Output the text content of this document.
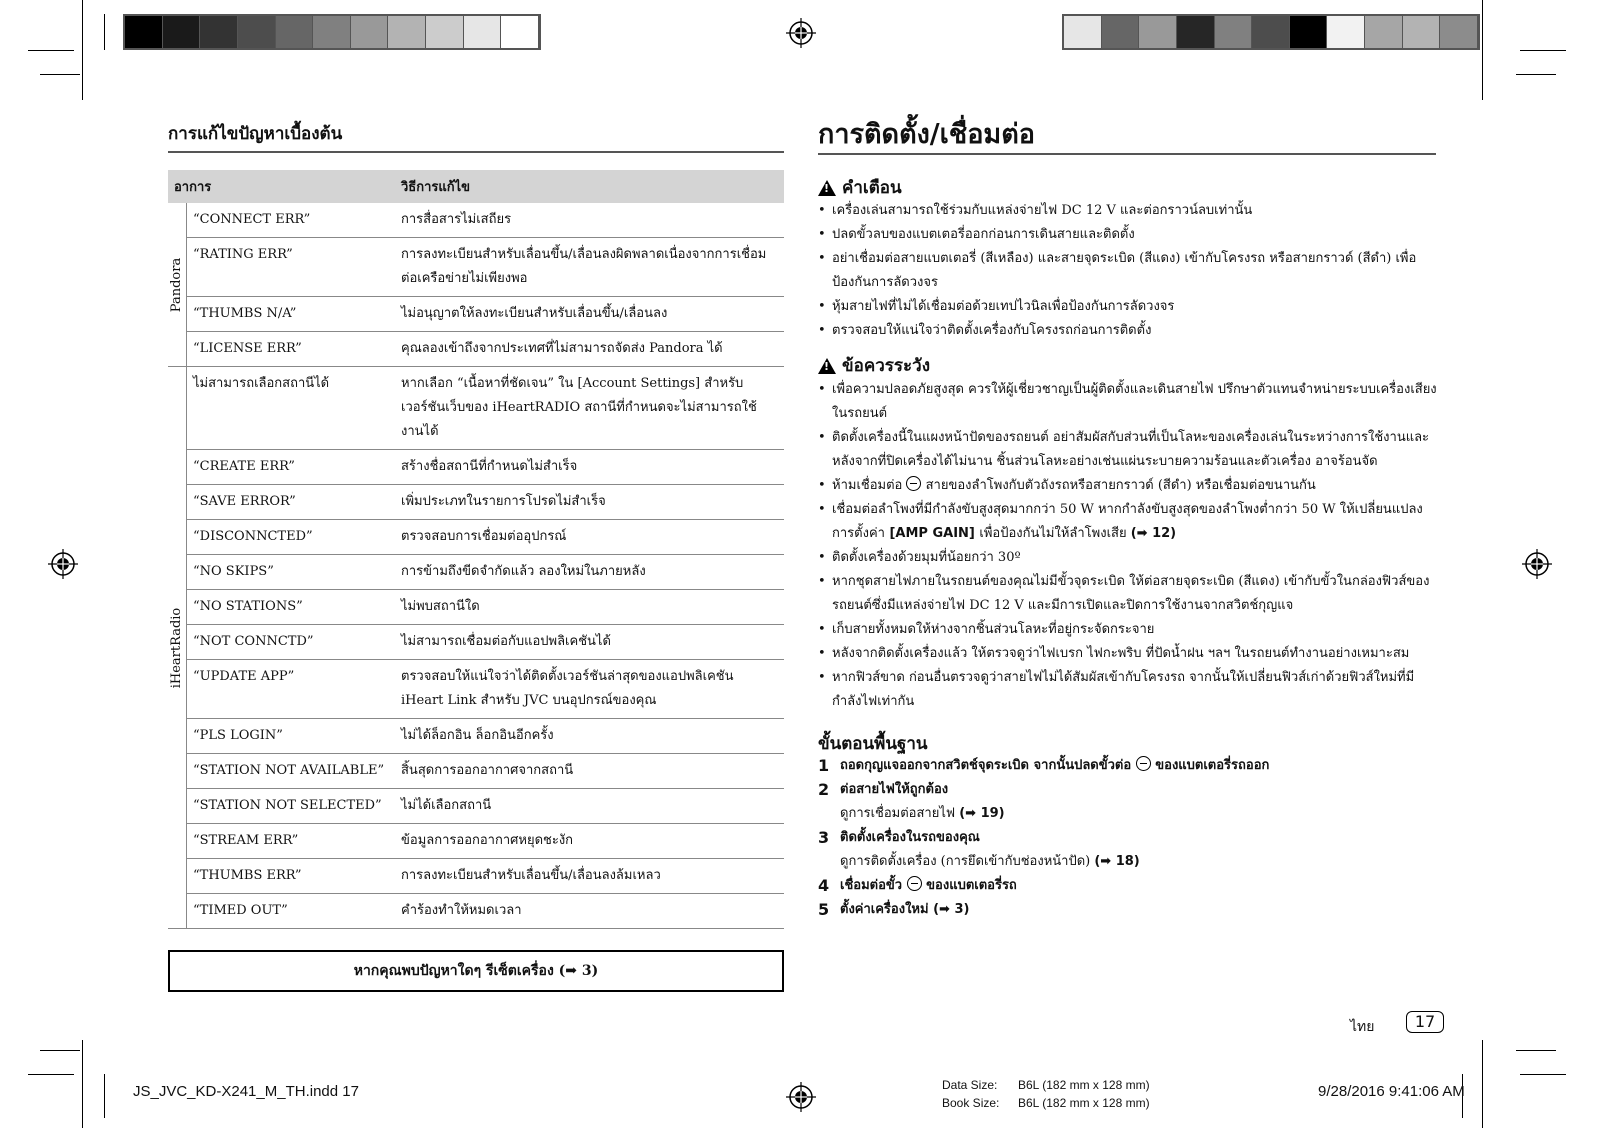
การแก้ไขปัญหาเบื้องต้น
อาการ		วิธีการแก้ไข

Pandora	“CONNECT ERR”	การสื่อสารไม่เสถียร
	“RATING ERR”	การลงทะเบียนสำหรับเลื่อนขึ้น/เลื่อนลงผิดพลาดเนื่องจากการเชื่อมต่อเครือข่ายไม่เพียงพอ
	“THUMBS N/A”	ไม่อนุญาตให้ลงทะเบียนสำหรับเลื่อนขึ้น/เลื่อนลง
	“LICENSE ERR”	คุณลองเข้าถึงจากประเทศที่ไม่สามารถจัดส่ง Pandora ได้

iHeartRadio	ไม่สามารถเลือกสถานีได้	หากเลือก “เนื้อหาที่ชัดเจน” ใน [Account Settings] สำหรับเวอร์ชันเว็บของ iHeartRADIO สถานีที่กำหนดจะไม่สามารถใช้งานได้
	“CREATE ERR”	สร้างชื่อสถานีที่กำหนดไม่สำเร็จ
	“SAVE ERROR”	เพิ่มประเภทในรายการโปรดไม่สำเร็จ
	“DISCONNCTED”	ตรวจสอบการเชื่อมต่ออุปกรณ์
	“NO SKIPS”	การข้ามถึงขีดจำกัดแล้ว ลองใหม่ในภายหลัง
	“NO STATIONS”	ไม่พบสถานีใด
	“NOT CONNCTD”	ไม่สามารถเชื่อมต่อกับแอปพลิเคชันได้
	“UPDATE APP”	ตรวจสอบให้แน่ใจว่าได้ติดตั้งเวอร์ชันล่าสุดของแอปพลิเคชัน iHeart Link สำหรับ JVC บนอุปกรณ์ของคุณ
	“PLS LOGIN”	ไม่ได้ล็อกอิน ล็อกอินอีกครั้ง
	“STATION NOT AVAILABLE”	สิ้นสุดการออกอากาศจากสถานี
	“STATION NOT SELECTED”	ไม่ได้เลือกสถานี
	“STREAM ERR”	ข้อมูลการออกอากาศหยุดชะงัก
	“THUMBS ERR”	การลงทะเบียนสำหรับเลื่อนขึ้น/เลื่อนลงล้มเหลว
	“TIMED OUT”	คำร้องทำให้หมดเวลา
หากคุณพบปัญหาใดๆ รีเซ็ตเครื่อง (➡ 3)
การติดตั้ง/เชื่อมต่อ
!
คำเตือน
• เครื่องเล่นสามารถใช้ร่วมกับแหล่งจ่ายไฟ DC 12 V และต่อกราวน์ลบเท่านั้น
• ปลดขั้วลบของแบตเตอรี่ออกก่อนการเดินสายและติดตั้ง
• อย่าเชื่อมต่อสายแบตเตอรี่ (สีเหลือง) และสายจุดระเบิด (สีแดง) เข้ากับโครงรถ หรือสายกราวด์ (สีดำ) เพื่อป้องกันการลัดวงจร
• หุ้มสายไฟที่ไม่ได้เชื่อมต่อด้วยเทปไวนิลเพื่อป้องกันการลัดวงจร
• ตรวจสอบให้แน่ใจว่าติดตั้งเครื่องกับโครงรถก่อนการติดตั้ง
!
ข้อควรระวัง
• เพื่อความปลอดภัยสูงสุด ควรให้ผู้เชี่ยวชาญเป็นผู้ติดตั้งและเดินสายไฟ ปรึกษาตัวแทนจำหน่ายระบบเครื่องเสียงในรถยนต์
• ติดตั้งเครื่องนี้ในแผงหน้าปัดของรถยนต์ อย่าสัมผัสกับส่วนที่เป็นโลหะของเครื่องเล่นในระหว่างการใช้งานและหลังจากที่ปิดเครื่องได้ไม่นาน ชิ้นส่วนโลหะอย่างเช่นแผ่นระบายความร้อนและตัวเครื่อง อาจร้อนจัด
• ห้ามเชื่อมต่อ  สายของลำโพงกับตัวถังรถหรือสายกราวด์ (สีดำ) หรือเชื่อมต่อขนานกัน
• เชื่อมต่อลำโพงที่มีกำลังขับสูงสุดมากกว่า 50 W หากกำลังขับสูงสุดของลำโพงต่ำกว่า 50 W ให้เปลี่ยนแปลงการตั้งค่า [AMP GAIN] เพื่อป้องกันไม่ให้ลำโพงเสีย (➡ 12)
• ติดตั้งเครื่องด้วยมุมที่น้อยกว่า 30º
• หากชุดสายไฟภายในรถยนต์ของคุณไม่มีขั้วจุดระเบิด ให้ต่อสายจุดระเบิด (สีแดง) เข้ากับขั้วในกล่องฟิวส์ของรถยนต์ซึ่งมีแหล่งจ่ายไฟ DC 12 V และมีการเปิดและปิดการใช้งานจากสวิตช์กุญแจ
• เก็บสายทั้งหมดให้ห่างจากชิ้นส่วนโลหะที่อยู่กระจัดกระจาย
• หลังจากติดตั้งเครื่องแล้ว ให้ตรวจดูว่าไฟเบรก ไฟกะพริบ ที่ปัดน้ำฝน ฯลฯ ในรถยนต์ทำงานอย่างเหมาะสม
• หากฟิวส์ขาด ก่อนอื่นตรวจดูว่าสายไฟไม่ได้สัมผัสเข้ากับโครงรถ จากนั้นให้เปลี่ยนฟิวส์เก่าด้วยฟิวส์ใหม่ที่มีกำลังไฟเท่ากัน
ขั้นตอนพื้นฐาน
1 ถอดกุญแจออกจากสวิตช์จุดระเบิด จากนั้นปลดขั้วต่อ ของแบตเตอรี่รถออก
2 ต่อสายไฟให้ถูกต้อง
ดูการเชื่อมต่อสายไฟ (➡ 19)
3 ติดตั้งเครื่องในรถของคุณ
ดูการติดตั้งเครื่อง (การยึดเข้ากับช่องหน้าปัด) (➡ 18)
4 เชื่อมต่อขั้ว ของแบตเตอรี่รถ
5 ตั้งค่าเครื่องใหม่ (➡ 3)
ไทย	17
JS_JVC_KD-X241_M_TH.indd 17	Data Size: B6L (182 mm x 128 mm)
Book Size: B6L (182 mm x 128 mm)
9/28/2016 9:41:06 AM
